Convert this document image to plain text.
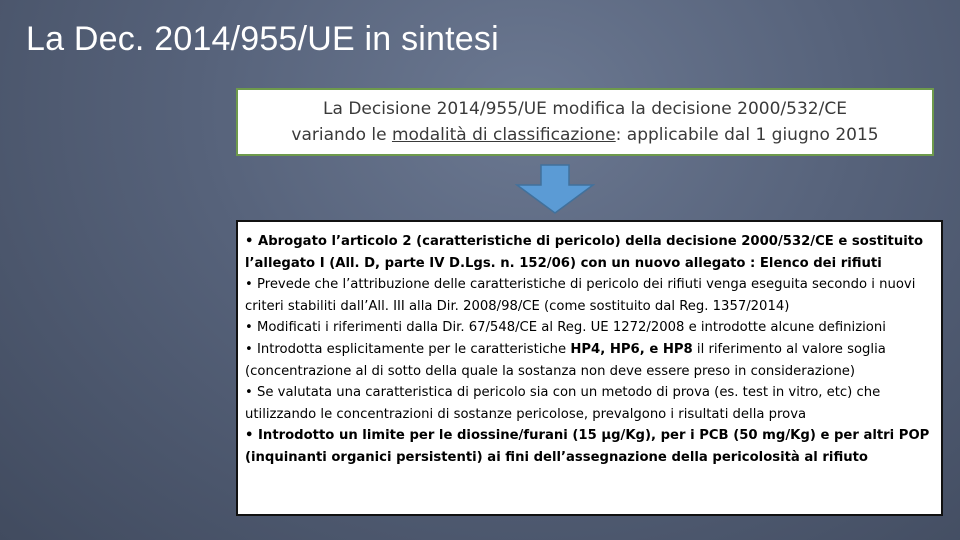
La Dec. 2014/955/UE in sintesi
La Decisione 2014/955/UE modifica la decisione 2000/532/CE
variando le modalità di classificazione: applicabile dal 1 giugno 2015

• Abrogato l’articolo 2 (caratteristiche di pericolo) della decisione 2000/532/CE e sostituito l’allegato I (All. D, parte IV D.Lgs. n. 152/06) con un nuovo allegato : Elenco dei rifiuti

• Prevede che l’attribuzione delle caratteristiche di pericolo dei rifiuti venga eseguita secondo i nuovi criteri stabiliti dall’All. III alla Dir. 2008/98/CE (come sostituito dal Reg. 1357/2014)

• Modificati i riferimenti dalla Dir. 67/548/CE al Reg. UE 1272/2008 e introdotte alcune definizioni

• Introdotta esplicitamente per le caratteristiche HP4, HP6, e HP8 il riferimento al valore soglia (concentrazione al di sotto della quale la sostanza non deve essere preso in considerazione)

• Se valutata una caratteristica di pericolo sia con un metodo di prova (es. test in vitro, etc) che utilizzando le concentrazioni di sostanze pericolose, prevalgono i risultati della prova

• Introdotto un limite per le diossine/furani (15 µg/Kg), per i PCB (50 mg/Kg) e per altri POP (inquinanti organici persistenti) ai fini dell’assegnazione della pericolosità al rifiuto
